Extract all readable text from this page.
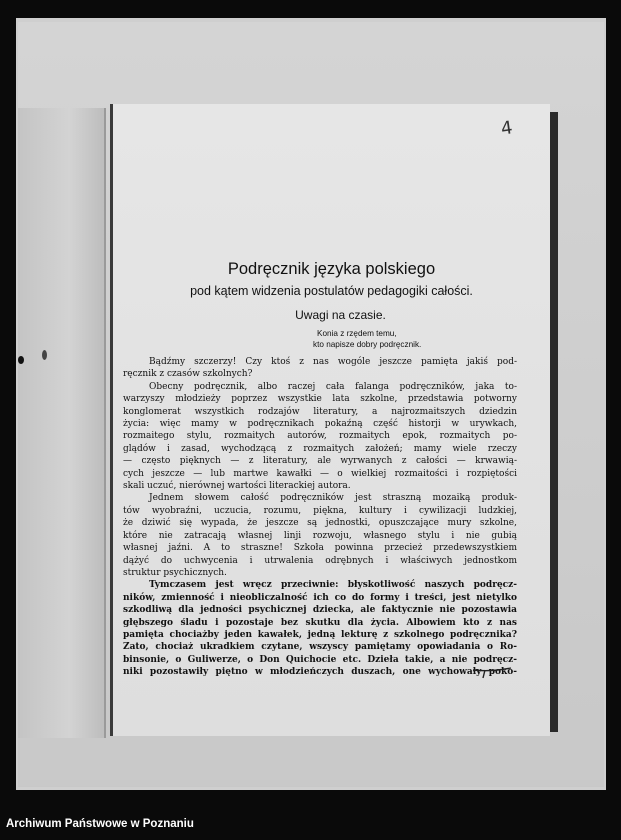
4
Podręcznik języka polskiego
pod kątem widzenia postulatów pedagogiki całości.
Uwagi na czasie.
Konia z rzędem temu,
kto napisze dobry podręcznik.
Bądźmy szczerzy! Czy ktoś z nas wogóle jeszcze pamięta jakiś pod-
ręcznik z czasów szkolnych?
Obecny podręcznik, albo raczej cała falanga podręczników, jaka to-
warzyszy młodzieży poprzez wszystkie lata szkolne, przedstawia potworny
konglomerat wszystkich rodzajów literatury, a najrozmaitszych dziedzin
życia: więc mamy w podręcznikach pokaźną część historji w urywkach,
rozmaitego stylu, rozmaitych autorów, rozmaitych epok, rozmaitych po-
glądów i zasad, wychodzącą z rozmaitych założeń; mamy wiele rzeczy
— często pięknych — z literatury, ale wyrwanych z całości — krwawią-
cych jeszcze — lub martwe kawałki — o wielkiej rozmaitości i rozpiętości
skali uczuć, nierównej wartości literackiej autora.
Jednem słowem całość podręczników jest straszną mozaiką produk-
tów wyobraźni, uczucia, rozumu, piękna, kultury i cywilizacji ludzkiej,
że dziwić się wypada, że jeszcze są jednostki, opuszczające mury szkolne,
które nie zatracają własnej linji rozwoju, własnego stylu i nie gubią
własnej jaźni. A to straszne! Szkoła powinna przecież przedewszystkiem
dążyć do uchwycenia i utrwalenia odrębnych i właściwych jednostkom
struktur psychicznych.
Tymczasem jest wręcz przeciwnie: błyskotliwość naszych podręcz-
ników, zmienność i nieobliczalność ich co do formy i treści, jest nietylko
szkodliwą dla jedności psychicznej dziecka, ale faktycznie nie pozostawia
głębszego śladu i pozostaje bez skutku dla życia. Albowiem kto z nas
pamięta chociażby jeden kawałek, jedną lekturę z szkolnego podręcznika?
Zato, chociaż ukradkiem czytane, wszyscy pamiętamy opowiadania o Ro-
binsonie, o Guliwerze, o Don Quichocie etc. Dzieła takie, a nie podręcz-
niki pozostawiły piętno w młodzieńczych duszach, one wychowały poko-
Archiwum Państwowe w Poznaniu
